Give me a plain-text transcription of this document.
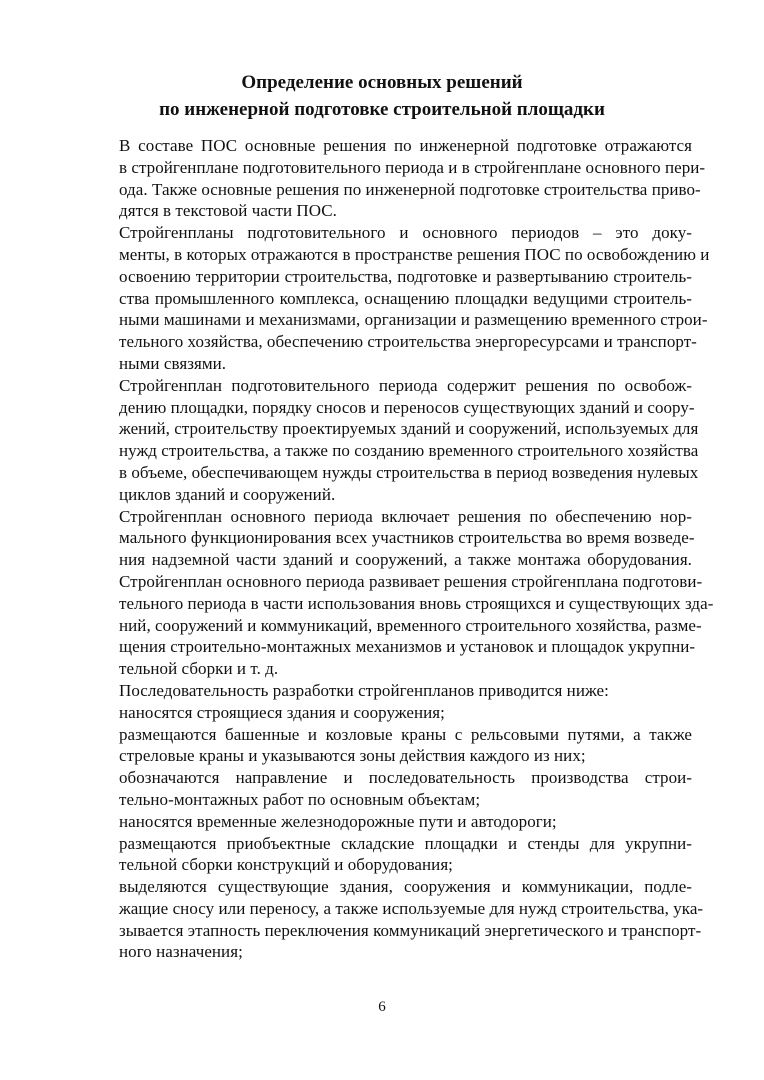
Определение основных решений
по инженерной подготовке строительной площадки
В составе ПОС основные решения по инженерной подготовке отражаются
в стройгенплане подготовительного периода и в стройгенплане основного пери-
ода. Также основные решения по инженерной подготовке строительства приво-
дятся в текстовой части ПОС.
Стройгенпланы подготовительного и основного периодов – это доку-
менты, в которых отражаются в пространстве решения ПОС по освобождению и
освоению территории строительства, подготовке и развертыванию строитель-
ства промышленного комплекса, оснащению площадки ведущими строитель-
ными машинами и механизмами, организации и размещению временного строи-
тельного хозяйства, обеспечению строительства энергоресурсами и транспорт-
ными связями.
Стройгенплан подготовительного периода содержит решения по освобож-
дению площадки, порядку сносов и переносов существующих зданий и соору-
жений, строительству проектируемых зданий и сооружений, используемых для
нужд строительства, а также по созданию временного строительного хозяйства
в объеме, обеспечивающем нужды строительства в период возведения нулевых
циклов зданий и сооружений.
Стройгенплан основного периода включает решения по обеспечению нор-
мального функционирования всех участников строительства во время возведе-
ния надземной части зданий и сооружений, а также монтажа оборудования.
Стройгенплан основного периода развивает решения стройгенплана подготови-
тельного периода в части использования вновь строящихся и существующих зда-
ний, сооружений и коммуникаций, временного строительного хозяйства, разме-
щения строительно-монтажных механизмов и установок и площадок укрупни-
тельной сборки и т. д.
Последовательность разработки стройгенпланов приводится ниже:
наносятся строящиеся здания и сооружения;
размещаются башенные и козловые краны с рельсовыми путями, а также
стреловые краны и указываются зоны действия каждого из них;
обозначаются направление и последовательность производства строи-
тельно-монтажных работ по основным объектам;
наносятся временные железнодорожные пути и автодороги;
размещаются приобъектные складские площадки и стенды для укрупни-
тельной сборки конструкций и оборудования;
выделяются существующие здания, сооружения и коммуникации, подле-
жащие сносу или переносу, а также используемые для нужд строительства, ука-
зывается этапность переключения коммуникаций энергетического и транспорт-
ного назначения;
6
